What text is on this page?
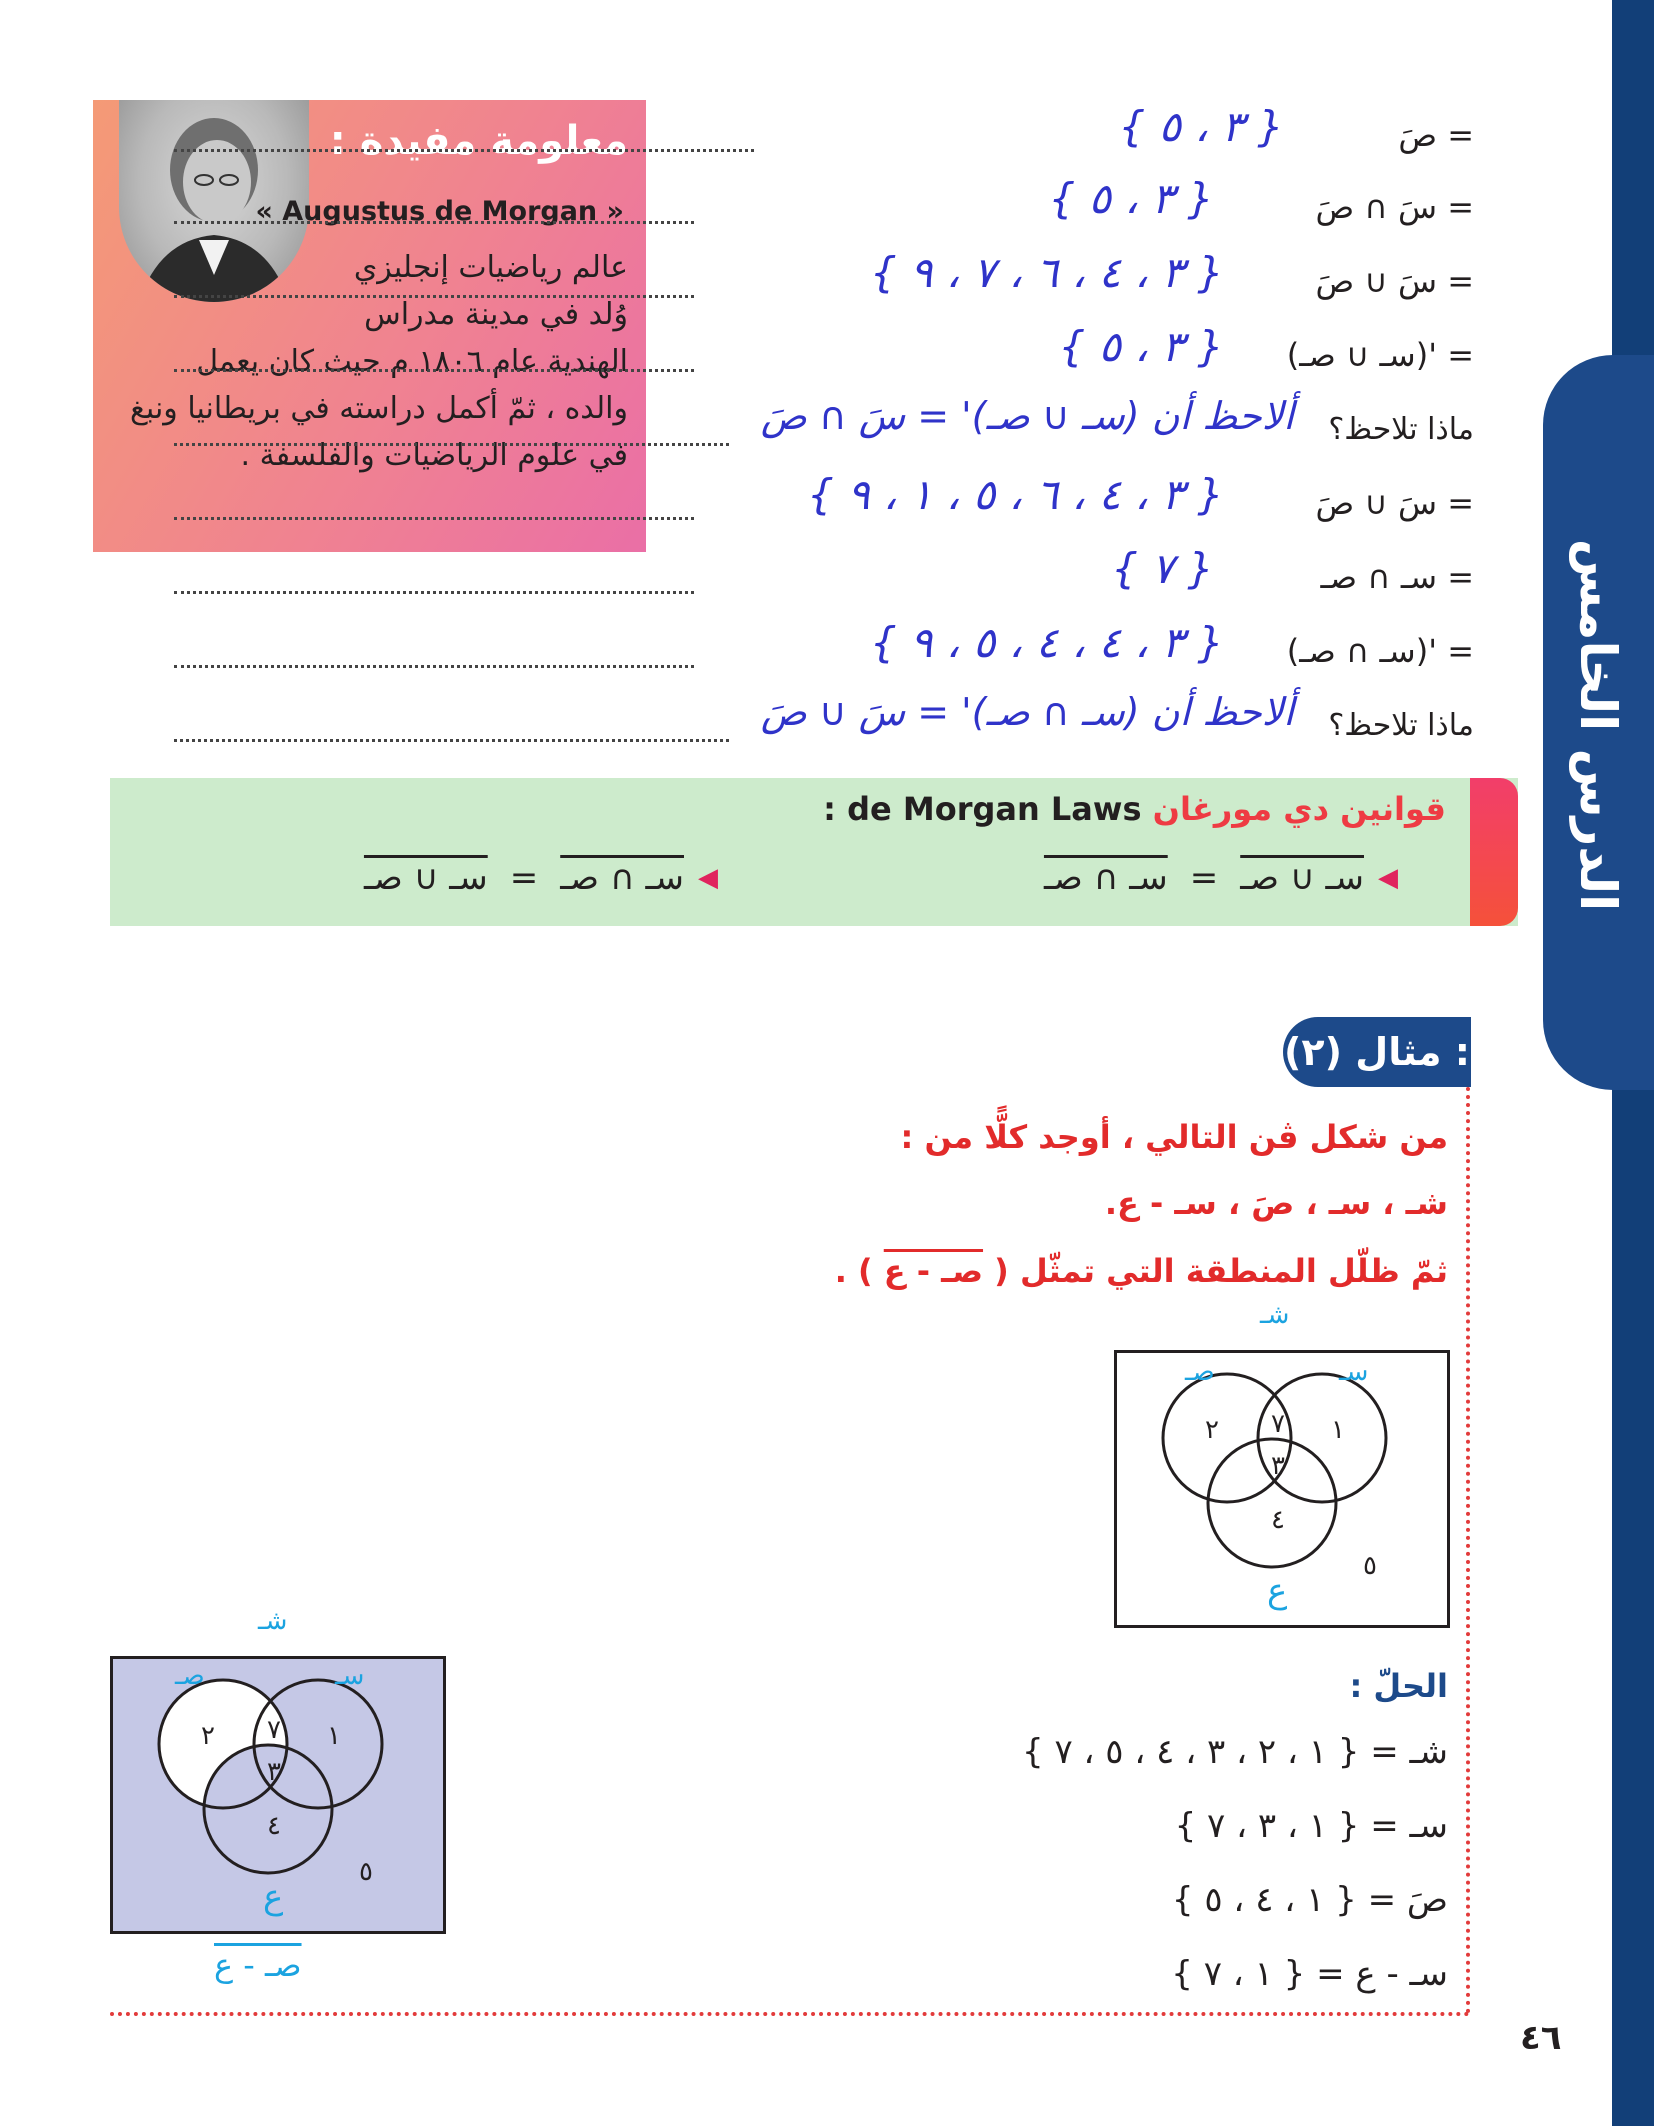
الدرس الخامس
معلومة مفيدة :
« Augustus de Morgan »
عالم رياضيات إنجليزي
وُلد في مدينة مدراس
الهندية عام ١٨٠٦ م حيث كان يعمل
والده ، ثمّ أكمل دراسته في بريطانيا ونبغ
في علوم الرياضيات والفلسفة .
صَ =
{ ٣ ، ٥ }
سَ ∩ صَ =
{ ٣ ، ٥ }
سَ ∪ صَ =
{ ٣ ، ٤ ، ٦ ، ٧ ، ٩ }
(سـ ∪ صـ)' =
{ ٣ ، ٥ }
ماذا تلاحظ؟
ألاحظ أن (سـ ∪ صـ)' = سَ ∩ صَ
سَ ∪ صَ =
{ ٣ ، ٤ ، ٦ ، ٥ ، ١ ، ٩ }
سـ ∩ صـ =
{ ٧ }
(سـ ∩ صـ)' =
{ ٣ ، ٤ ، ٤ ، ٥ ، ٩ }
ماذا تلاحظ؟
ألاحظ أن (سـ ∩ صـ)' = سَ ∪ صَ
قوانين دي مورغان de Morgan Laws :
سـ ∩ صـ = سـ ∪ صـ ◀
سـ ∪ صـ = سـ ∩ صـ ◀
مثال (٢) :

من شكل ڤن التالي ، أوجد كلًّا من :

شـ ، سـ ، صَ ، سـ - ع.

ثمّ ظلّل المنطقة التي تمثّل ( صـ - ع ) .

شـ
صـ	سـ
ع
٢ ٧ ١
٣
٤
٥
شـ
صـ	سـ
ع
٢ ٧ ١
٣
٤
٥
صـ - ع

الحلّ :

شـ = { ١ ، ٢ ، ٣ ، ٤ ، ٥ ، ٧ }
سـ = { ١ ، ٣ ، ٧ }
صَ = { ١ ، ٤ ، ٥ }
سـ - ع = { ١ ، ٧ }
٤٦
